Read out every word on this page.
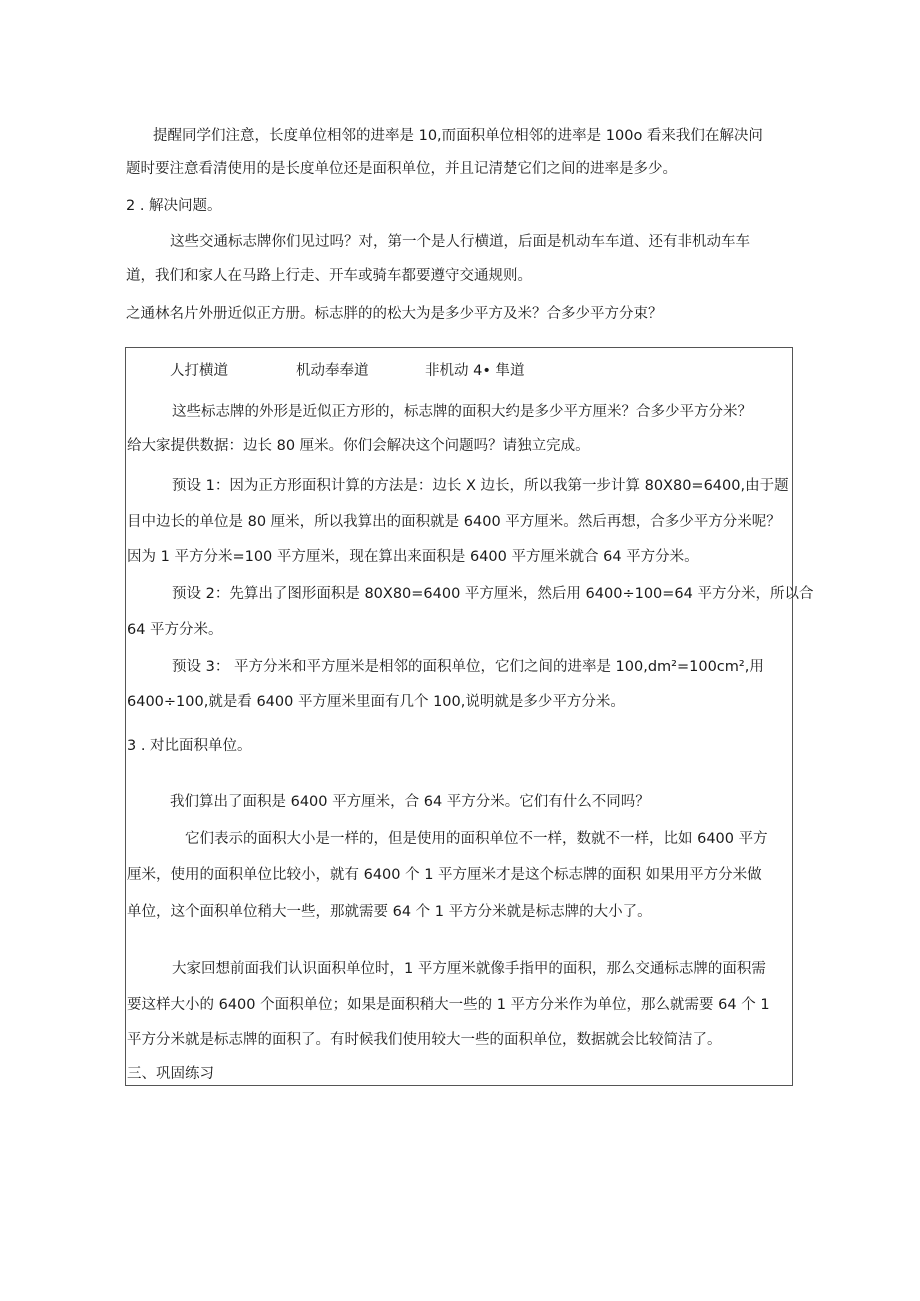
提醒同学们注意，长度单位相邻的进率是 10,而面积单位相邻的进率是 100o 看来我们在解决问
题时要注意看清使用的是长度单位还是面积单位，并且记清楚它们之间的进率是多少。
2 . 解决问题。
这些交通标志牌你们见过吗？对，第一个是人行横道，后面是机动车车道、还有非机动车车
道，我们和家人在马路上行走、开车或骑车都要遵守交通规则。
之通林名片外册近似正方册。标志胖的的松大为是多少平方及米？合多少平方分束？
人打横道	机动奉奉道	非机动 4• 隼道
这些标志牌的外形是近似正方形的，标志牌的面积大约是多少平方厘米？合多少平方分米？
给大家提供数据：边长 80 厘米。你们会解决这个问题吗？请独立完成。
预设 1：因为正方形面积计算的方法是：边长 X 边长，所以我第一步计算 80X80=6400,由于题
目中边长的单位是 80 厘米，所以我算出的面积就是 6400 平方厘米。然后再想，合多少平方分米呢？
因为 1 平方分米=100 平方厘米，现在算出来面积是 6400 平方厘米就合 64 平方分米。
预设 2：先算出了图形面积是 80X80=6400 平方厘米，然后用 6400÷100=64 平方分米，所以合
64 平方分米。
预设 3： 平方分米和平方厘米是相邻的面积单位，它们之间的进率是 100,dm²=100cm²,用
6400÷100,就是看 6400 平方厘米里面有几个 100,说明就是多少平方分米。
3 . 对比面积单位。
我们算出了面积是 6400 平方厘米，合 64 平方分米。它们有什么不同吗？
它们表示的面积大小是一样的，但是使用的面积单位不一样，数就不一样，比如 6400 平方
厘米，使用的面积单位比较小，就有 6400 个 1 平方厘米才是这个标志牌的面积 如果用平方分米做
单位，这个面积单位稍大一些，那就需要 64 个 1 平方分米就是标志牌的大小了。
大家回想前面我们认识面积单位时，1 平方厘米就像手指甲的面积，那么交通标志牌的面积需
要这样大小的 6400 个面积单位；如果是面积稍大一些的 1 平方分米作为单位，那么就需要 64 个 1
平方分米就是标志牌的面积了。有时候我们使用较大一些的面积单位，数据就会比较简洁了。
三、巩固练习
